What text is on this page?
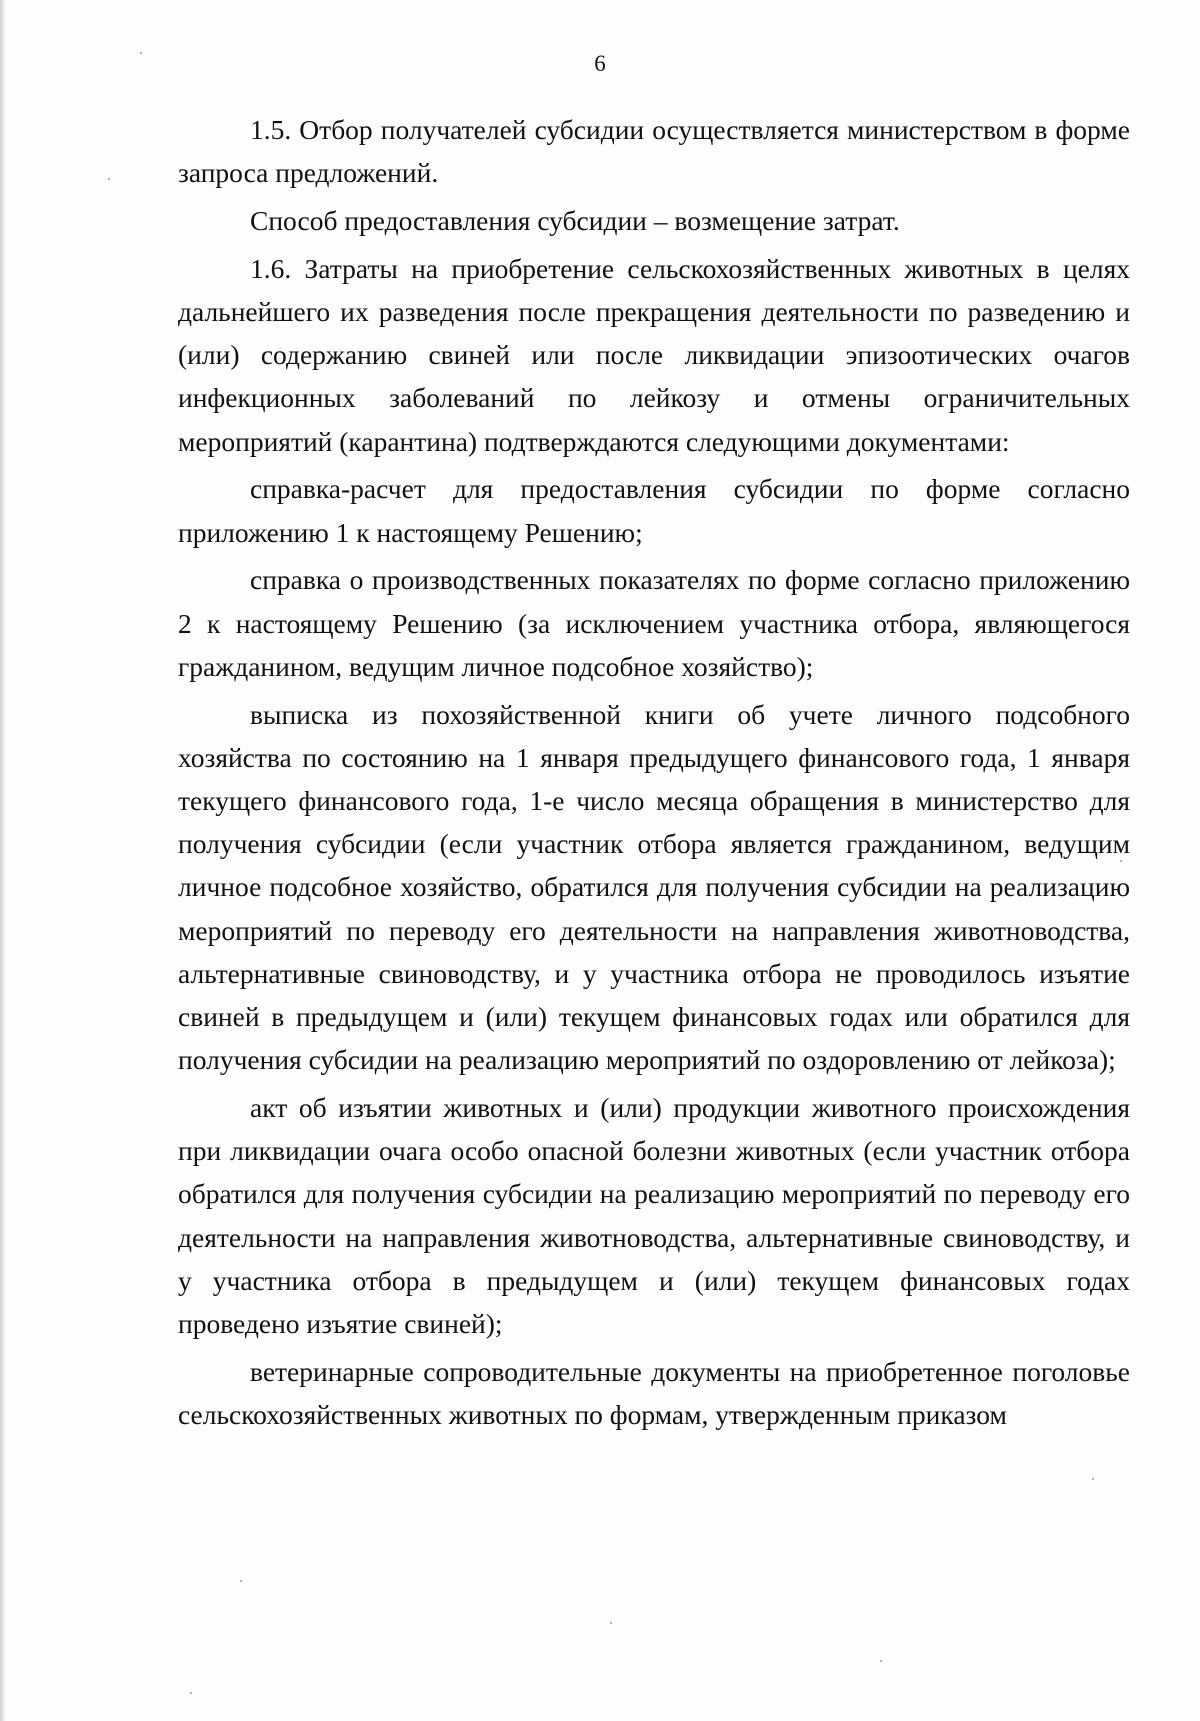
6

1.5. Отбор получателей субсидии осуществляется министерством в форме запроса предложений.

Способ предоставления субсидии – возмещение затрат.

1.6. Затраты на приобретение сельскохозяйственных животных в целях дальнейшего их разведения после прекращения деятельности по разведению и (или) содержанию свиней или после ликвидации эпизоотических очагов инфекционных заболеваний по лейкозу и отмены ограничительных мероприятий (карантина) подтверждаются следующими документами:

справка-расчет для предоставления субсидии по форме согласно приложению 1 к настоящему Решению;

справка о производственных показателях по форме согласно приложению 2 к настоящему Решению (за исключением участника отбора, являющегося гражданином, ведущим личное подсобное хозяйство);

выписка из похозяйственной книги об учете личного подсобного хозяйства по состоянию на 1 января предыдущего финансового года, 1 января текущего финансового года, 1-е число месяца обращения в министерство для получения субсидии (если участник отбора является гражданином, ведущим личное подсобное хозяйство, обратился для получения субсидии на реализацию мероприятий по переводу его деятельности на направления животноводства, альтернативные свиноводству, и у участника отбора не проводилось изъятие свиней в предыдущем и (или) текущем финансовых годах или обратился для получения субсидии на реализацию мероприятий по оздоровлению от лейкоза);

акт об изъятии животных и (или) продукции животного происхождения при ликвидации очага особо опасной болезни животных (если участник отбора обратился для получения субсидии на реализацию мероприятий по переводу его деятельности на направления животноводства, альтернативные свиноводству, и у участника отбора в предыдущем и (или) текущем финансовых годах проведено изъятие свиней);

ветеринарные сопроводительные документы на приобретенное поголовье сельскохозяйственных животных по формам, утвержденным приказом
